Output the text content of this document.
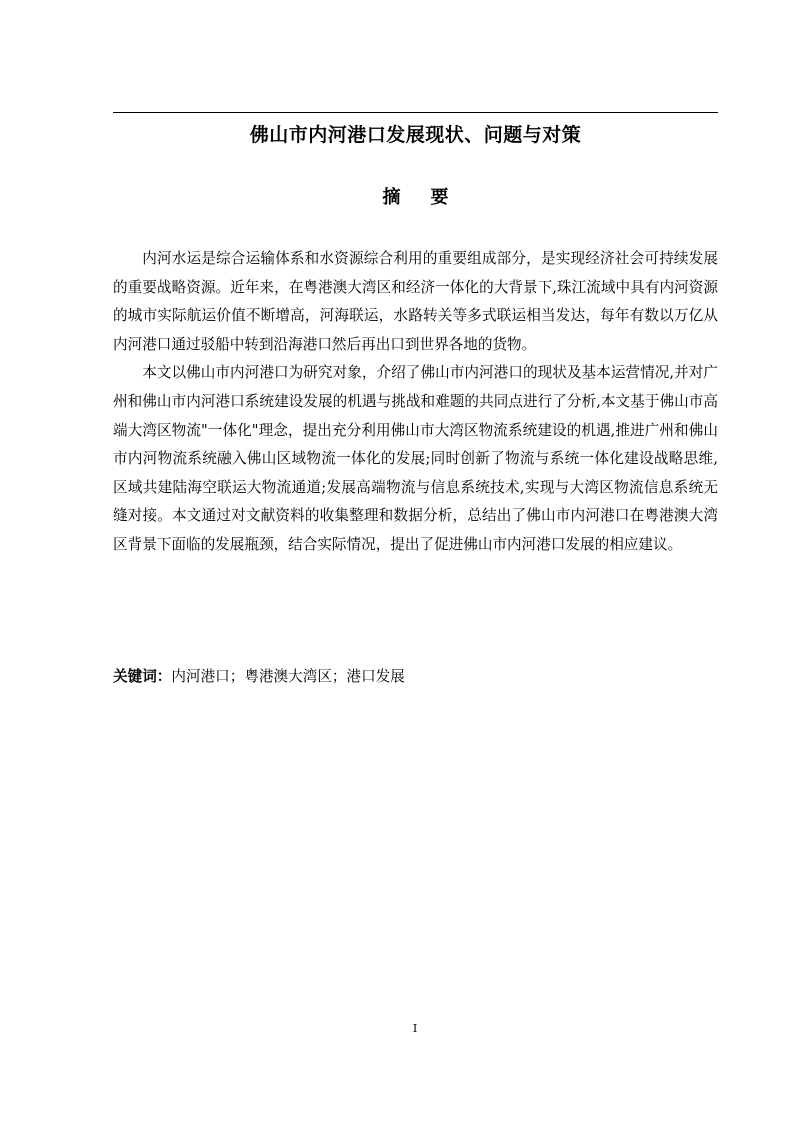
佛山市内河港口发展现状、问题与对策
摘 要

内河水运是综合运输体系和水资源综合利用的重要组成部分，是实现经济社会可持续发展的重要战略资源。近年来，在粤港澳大湾区和经济一体化的大背景下,珠江流域中具有内河资源的城市实际航运价值不断增高，河海联运，水路转关等多式联运相当发达，每年有数以万亿从内河港口通过驳船中转到沿海港口然后再出口到世界各地的货物。

本文以佛山市内河港口为研究对象，介绍了佛山市内河港口的现状及基本运营情况,并对广州和佛山市内河港口系统建设发展的机遇与挑战和难题的共同点进行了分析,本文基于佛山市高端大湾区物流"一体化"理念，提出充分利用佛山市大湾区物流系统建设的机遇,推进广州和佛山市内河物流系统融入佛山区域物流一体化的发展;同时创新了物流与系统一体化建设战略思维,区域共建陆海空联运大物流通道;发展高端物流与信息系统技术,实现与大湾区物流信息系统无缝对接。本文通过对文献资料的收集整理和数据分析，总结出了佛山市内河港口在粤港澳大湾区背景下面临的发展瓶颈，结合实际情况，提出了促进佛山市内河港口发展的相应建议。

关键词：内河港口；粤港澳大湾区；港口发展
I
